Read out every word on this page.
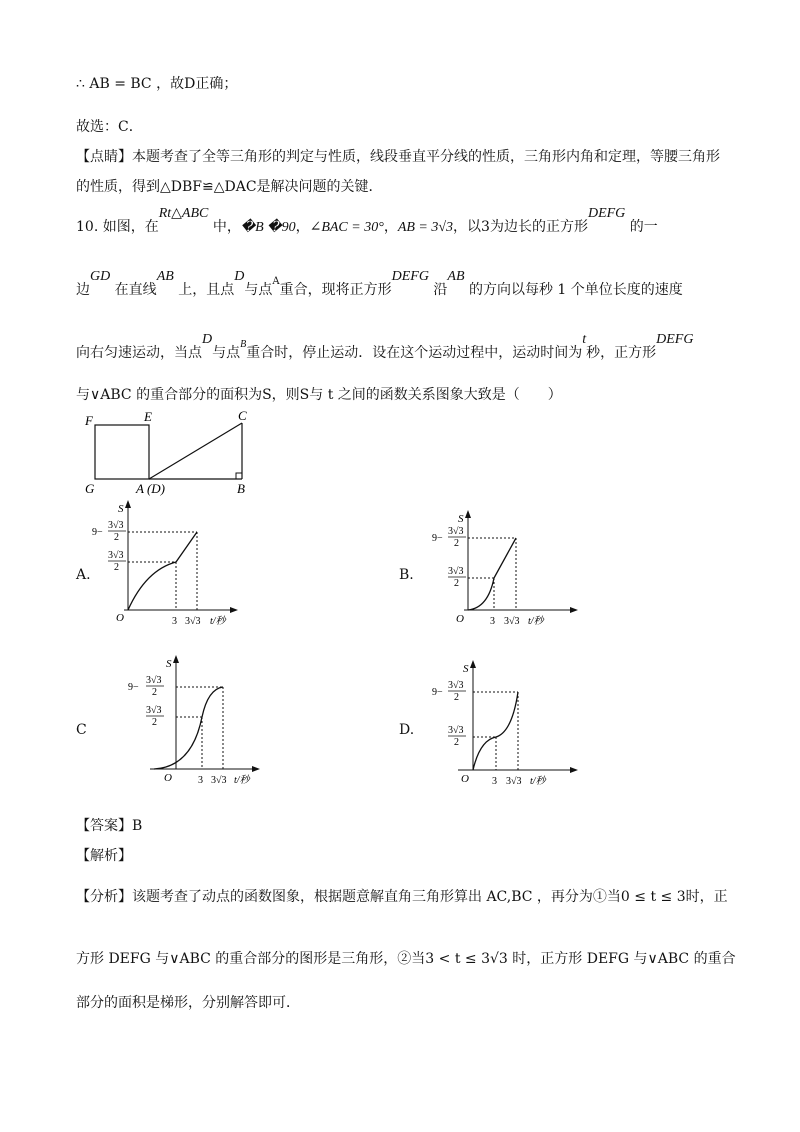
∴ AB = BC ，故D正确；
故选：C．
【点睛】本题考查了全等三角形的判定与性质，线段垂直平分线的性质，三角形内角和定理，等腰三角形
的性质，得到△DBF≌△DAC是解决问题的关键．
10. 如图，在Rt△ABC 中，�B �90，∠BAC = 30°，AB = 3√3，以3为边长的正方形DEFG 的一
边GD 在直线AB 上，且点D与点$^A$重合，现将正方形DEFG 沿AB 的方向以每秒 1 个单位长度的速度
向右匀速运动，当点D与点$^B$重合时，停止运动．设在这个运动过程中，运动时间为t秒，正方形DEFG
与∨ABC 的重合部分的面积为S，则S与 t 之间的函数关系图象大致是（　　）
F	E	C
G	A (D)	B
A.	B.
C	D.
S
O	t/秒
3 3√3
9−
3√3
2
3√3
2
S
O	t/秒
3 3√3
9−
3√3
2
3√3
2
S
O	t/秒
3 3√3
9−
3√3
2
3√3
2
S
O	t/秒
3 3√3
9−
3√3
2
3√3
2
【答案】B
【解析】
【分析】该题考查了动点的函数图象，根据题意解直角三角形算出 AC,BC ，再分为①当0 ≤ t ≤ 3时，正
方形 DEFG 与∨ABC 的重合部分的图形是三角形，②当3 < t ≤ 3√3 时，正方形 DEFG 与∨ABC 的重合
部分的面积是梯形，分别解答即可．
